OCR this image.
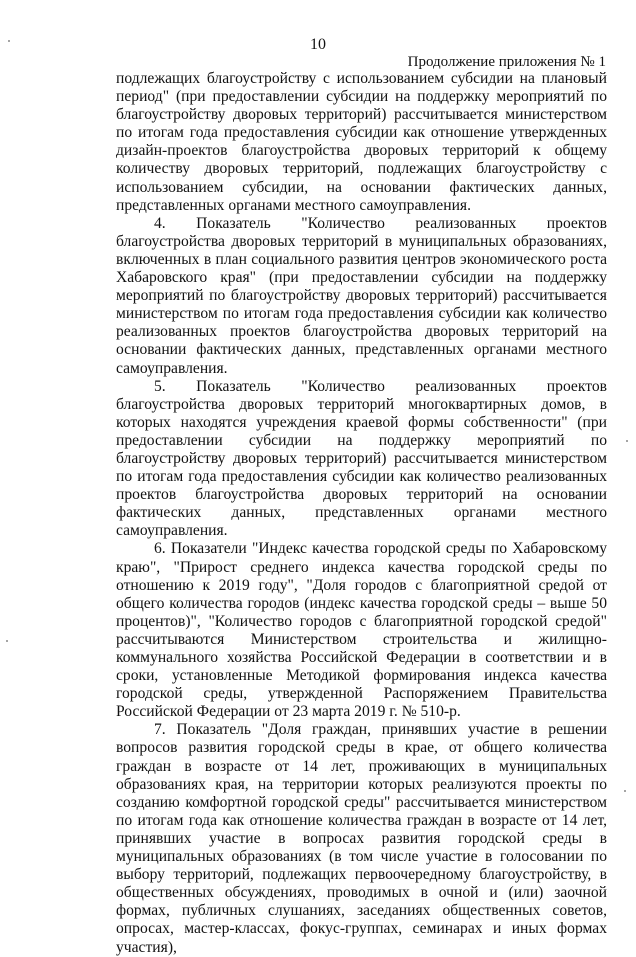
10
Продолжение приложения № 1

подлежащих благоустройству с использованием субсидии на плановый период" (при предоставлении субсидии на поддержку мероприятий по благоустройству дворовых территорий) рассчитывается министерством по итогам года предоставления субсидии как отношение утвержденных дизайн-проектов благоустройства дворовых территорий к общему количеству дворовых территорий, подлежащих благоустройству с использованием субсидии, на основании фактических данных, представленных органами местного самоуправления.

4. Показатель "Количество реализованных проектов благоустройства дворовых территорий в муниципальных образованиях, включенных в план социального развития центров экономического роста Хабаровского края" (при предоставлении субсидии на поддержку мероприятий по благоустройству дворовых территорий) рассчитывается министерством по итогам года предоставления субсидии как количество реализованных проектов благоустройства дворовых территорий на основании фактических данных, представленных органами местного самоуправления.

5. Показатель "Количество реализованных проектов благоустройства дворовых территорий многоквартирных домов, в которых находятся учреждения краевой формы собственности" (при предоставлении субсидии на поддержку мероприятий по благоустройству дворовых территорий) рассчитывается министерством по итогам года предоставления субсидии как количество реализованных проектов благоустройства дворовых территорий на основании фактических данных, представленных органами местного самоуправления.

6. Показатели "Индекс качества городской среды по Хабаровскому краю", "Прирост среднего индекса качества городской среды по отношению к 2019 году", "Доля городов с благоприятной средой от общего количества городов (индекс качества городской среды – выше 50 процентов)", "Количество городов с благоприятной городской средой" рассчитываются Министерством строительства и жилищно-коммунального хозяйства Российской Федерации в соответствии и в сроки, установленные Методикой формирования индекса качества городской среды, утвержденной Распоряжением Правительства Российской Федерации от 23 марта 2019 г. № 510-р.

7. Показатель "Доля граждан, принявших участие в решении вопросов развития городской среды в крае, от общего количества граждан в возрасте от 14 лет, проживающих в муниципальных образованиях края, на территории которых реализуются проекты по созданию комфортной городской среды" рассчитывается министерством по итогам года как отношение количества граждан в возрасте от 14 лет, принявших участие в вопросах развития городской среды в муниципальных образованиях (в том числе участие в голосовании по выбору территорий, подлежащих первоочередному благоустройству, в общественных обсуждениях, проводимых в очной и (или) заочной формах, публичных слушаниях, заседаниях общественных советов, опросах, мастер-классах, фокус-группах, семинарах и иных формах участия),
